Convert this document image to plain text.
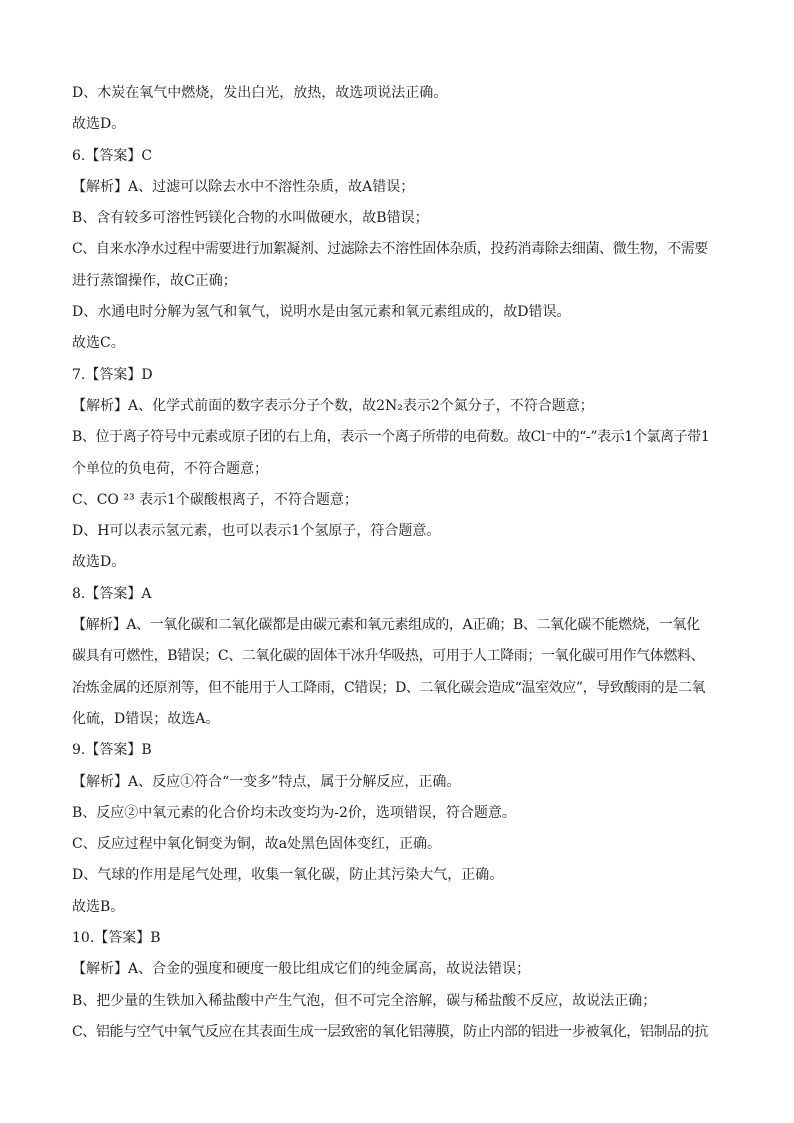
D、木炭在氧气中燃烧，发出白光，放热，故选项说法正确。
故选D。
6.【答案】C
【解析】A、过滤可以除去水中不溶性杂质，故A错误；
B、含有较多可溶性钙镁化合物的水叫做硬水，故B错误；
C、自来水净水过程中需要进行加絮凝剂、过滤除去不溶性固体杂质，投药消毒除去细菌、微生物，不需要
进行蒸馏操作，故C正确；
D、水通电时分解为氢气和氧气，说明水是由氢元素和氧元素组成的，故D错误。
故选C。
7.【答案】D
【解析】A、化学式前面的数字表示分子个数，故2N₂表示2个氮分子，不符合题意；
B、位于离子符号中元素或原子团的右上角，表示一个离子所带的电荷数。故Cl⁻中的“-”表示1个氯离子带1
个单位的负电荷，不符合题意；
C、CO ²³ 表示1个碳酸根离子，不符合题意；
D、H可以表示氢元素，也可以表示1个氢原子，符合题意。
故选D。
8.【答案】A
【解析】A、一氧化碳和二氧化碳都是由碳元素和氧元素组成的，A正确；B、二氧化碳不能燃烧，一氧化
碳具有可燃性，B错误；C、二氧化碳的固体干冰升华吸热，可用于人工降雨；一氧化碳可用作气体燃料、
冶炼金属的还原剂等，但不能用于人工降雨，C错误；D、二氧化碳会造成“温室效应”，导致酸雨的是二氧
化硫，D错误；故选A。
9.【答案】B
【解析】A、反应①符合“一变多”特点，属于分解反应，正确。
B、反应②中氧元素的化合价均未改变均为-2价，选项错误，符合题意。
C、反应过程中氧化铜变为铜，故a处黑色固体变红，正确。
D、气球的作用是尾气处理，收集一氧化碳，防止其污染大气，正确。
故选B。
10.【答案】B
【解析】A、合金的强度和硬度一般比组成它们的纯金属高，故说法错误；
B、把少量的生铁加入稀盐酸中产生气泡，但不可完全溶解，碳与稀盐酸不反应，故说法正确；
C、铝能与空气中氧气反应在其表面生成一层致密的氧化铝薄膜，防止内部的铝进一步被氧化，铝制品的抗
